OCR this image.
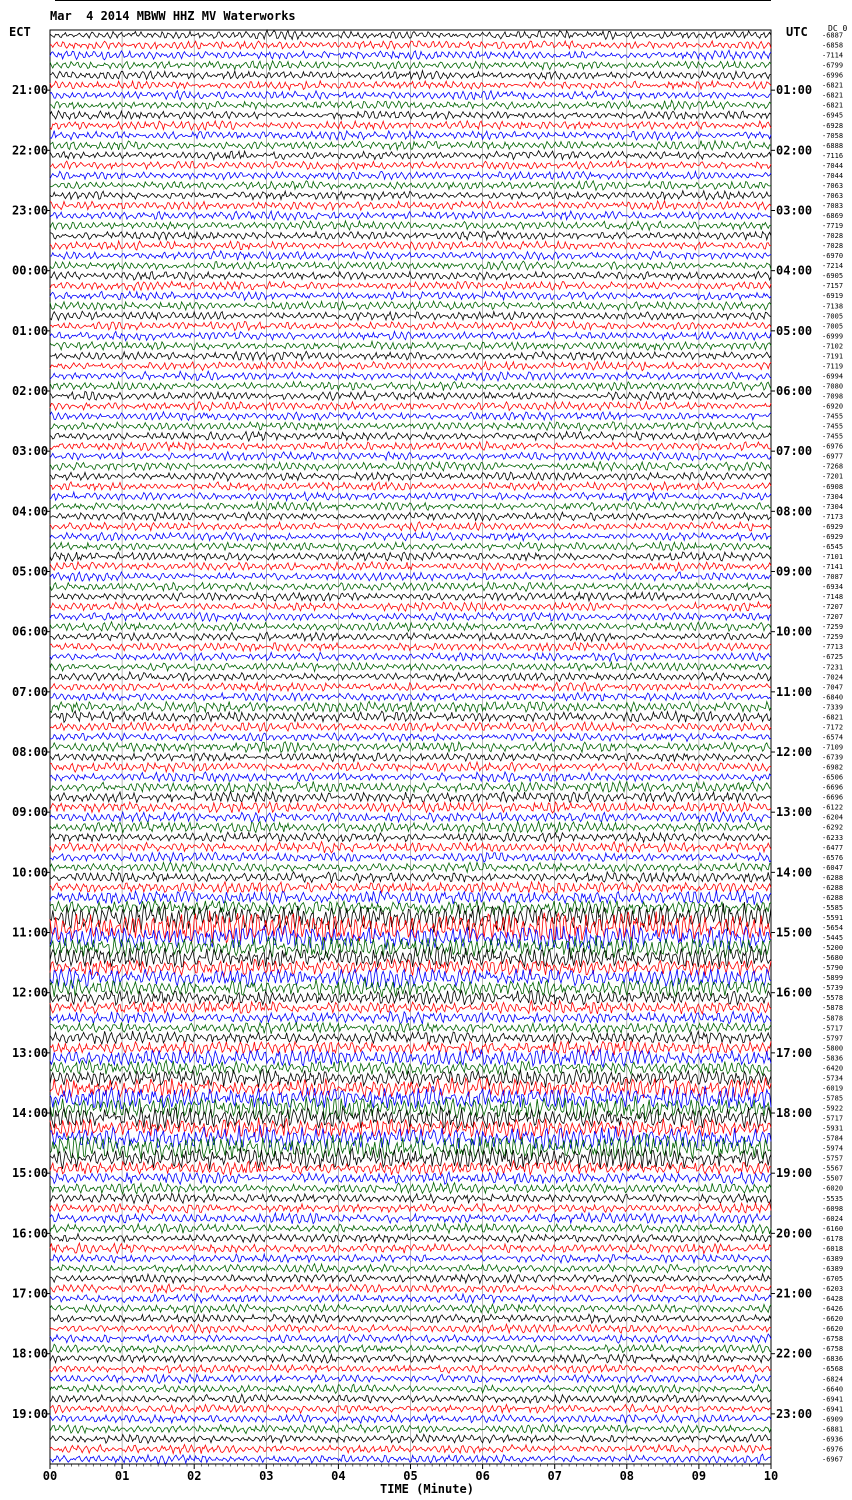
Mar  4 2014 MBWW HHZ MV Waterworks
ECT	UTC	DC 0
TIME (Minute)
-6887
-6858
-7114
-6799
-6996
-6821
-6821
-6821
-6945
-6928
-7058
-6888
-7116
-7044
-7044
-7063
-7063
-7083
-6869
-7719
-7028
-7028
-6970
-7214
-6905
-7157
-6919
-7138
-7005
-7005
-6999
-7102
-7191
-7119
-6994
-7080
-7098
-6920
-7455
-7455
-7455
-6976
-6977
-7268
-7201
-6908
-7304
-7304
-7173
-6929
-6929
-6545
-7101
-7141
-7087
-6934
-7148
-7207
-7207
-7259
-7259
-7713
-6725
-7231
-7024
-7047
-6840
-7339
-6821
-7172
-6574
-7109
-6739
-6982
-6506
-6696
-6696
-6122
-6204
-6292
-6233
-6477
-6576
-6047
-6288
-6288
-6288
-5585
-5591
-5654
-5445
-5200
-5680
-5790
-5899
-5739
-5578
-5878
-5878
-5717
-5797
-5800
-5836
-6420
-5734
-6019
-5785
-5922
-5717
-5931
-5784
-5974
-5757
-5567
-5507
-6020
-5535
-6098
-6024
-6160
-6178
-6018
-6389
-6389
-6705
-6203
-6428
-6426
-6620
-6620
-6758
-6758
-6836
-6568
-6824
-6640
-6941
-6941
-6909
-6881
-6936
-6976
-6967
21:00
22:00
23:00
00:00
01:00
02:00
03:00
04:00
05:00
06:00
07:00
08:00
09:00
10:00
11:00
12:00
13:00
14:00
15:00
16:00
17:00
18:00
19:00
01:00
02:00
03:00
04:00
05:00
06:00
07:00
08:00
09:00
10:00
11:00
12:00
13:00
14:00
15:00
16:00
17:00
18:00
19:00
20:00
21:00
22:00
23:00
00	01	02	03	04	05	06	07	08	09	10
